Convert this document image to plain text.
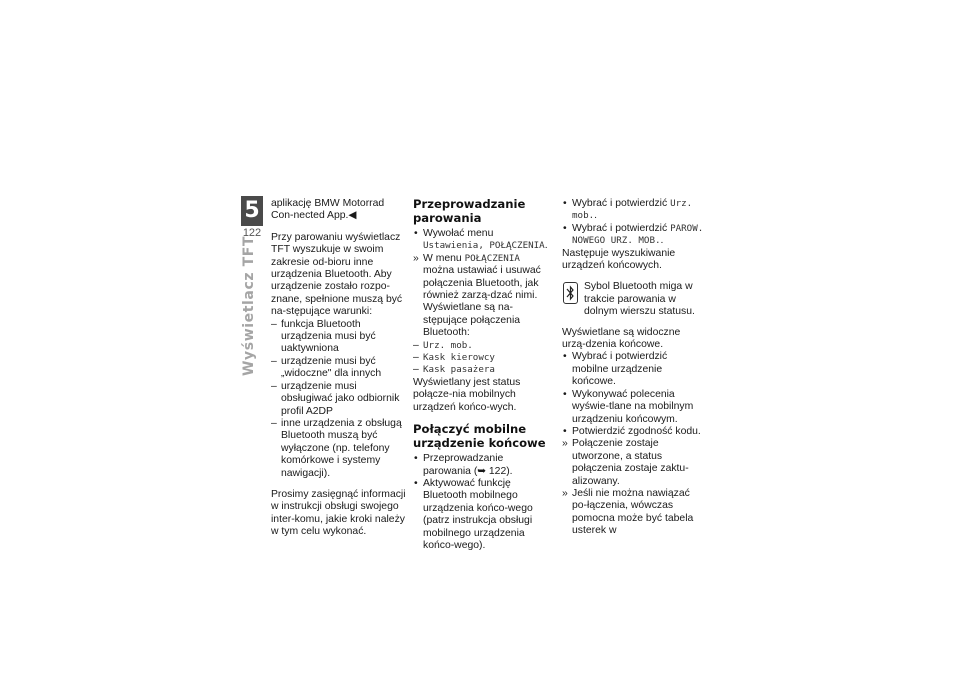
5
122
Wyświetlacz TFT

aplikację BMW Motorrad Con-nected App.◀

Przy parowaniu wyświetlacz TFT wyszukuje w swoim zakresie od-bioru inne urządzenia Bluetooth. Aby urządzenie zostało rozpo-znane, spełnione muszą być na-stępujące warunki:

– funkcja Bluetooth urządzenia musi być uaktywniona
– urządzenie musi być „widoczne" dla innych
– urządzenie musi obsługiwać jako odbiornik profil A2DP
– inne urządzenia z obsługą Bluetooth muszą być wyłączone (np. telefony komórkowe i systemy nawigacji).

Prosimy zasięgnąć informacji w instrukcji obsługi swojego inter-komu, jakie kroki należy w tym celu wykonać.

Przeprowadzanie parowania
• Wywołać menu Ustawienia, POŁĄCZENIA.
» W menu POŁĄCZENIA można ustawiać i usuwać połączenia Bluetooth, jak również zarzą-dzać nimi. Wyświetlane są na-stępujące połączenia Bluetooth:
– Urz. mob.
– Kask kierowcy
– Kask pasażera

Wyświetlany jest status połącze-nia mobilnych urządzeń końco-wych.

Połączyć mobilne urządzenie końcowe
• Przeprowadzanie parowania (➥ 122).
• Aktywować funkcję Bluetooth mobilnego urządzenia końco-wego (patrz instrukcja obsługi mobilnego urządzenia końco-wego).
• Wybrać i potwierdzić Urz. mob..
• Wybrać i potwierdzić PAROW. NOWEGO URZ. MOB..

Następuje wyszukiwanie urządzeń końcowych.

Sybol Bluetooth miga w trakcie parowania w dolnym wierszu statusu.

Wyświetlane są widoczne urzą-dzenia końcowe.

• Wybrać i potwierdzić mobilne urządzenie końcowe.
• Wykonywać polecenia wyświe-tlane na mobilnym urządzeniu końcowym.
• Potwierdzić zgodność kodu.
» Połączenie zostaje utworzone, a status połączenia zostaje zaktu-alizowany.
» Jeśli nie można nawiązać po-łączenia, wówczas pomocna może być tabela usterek w
